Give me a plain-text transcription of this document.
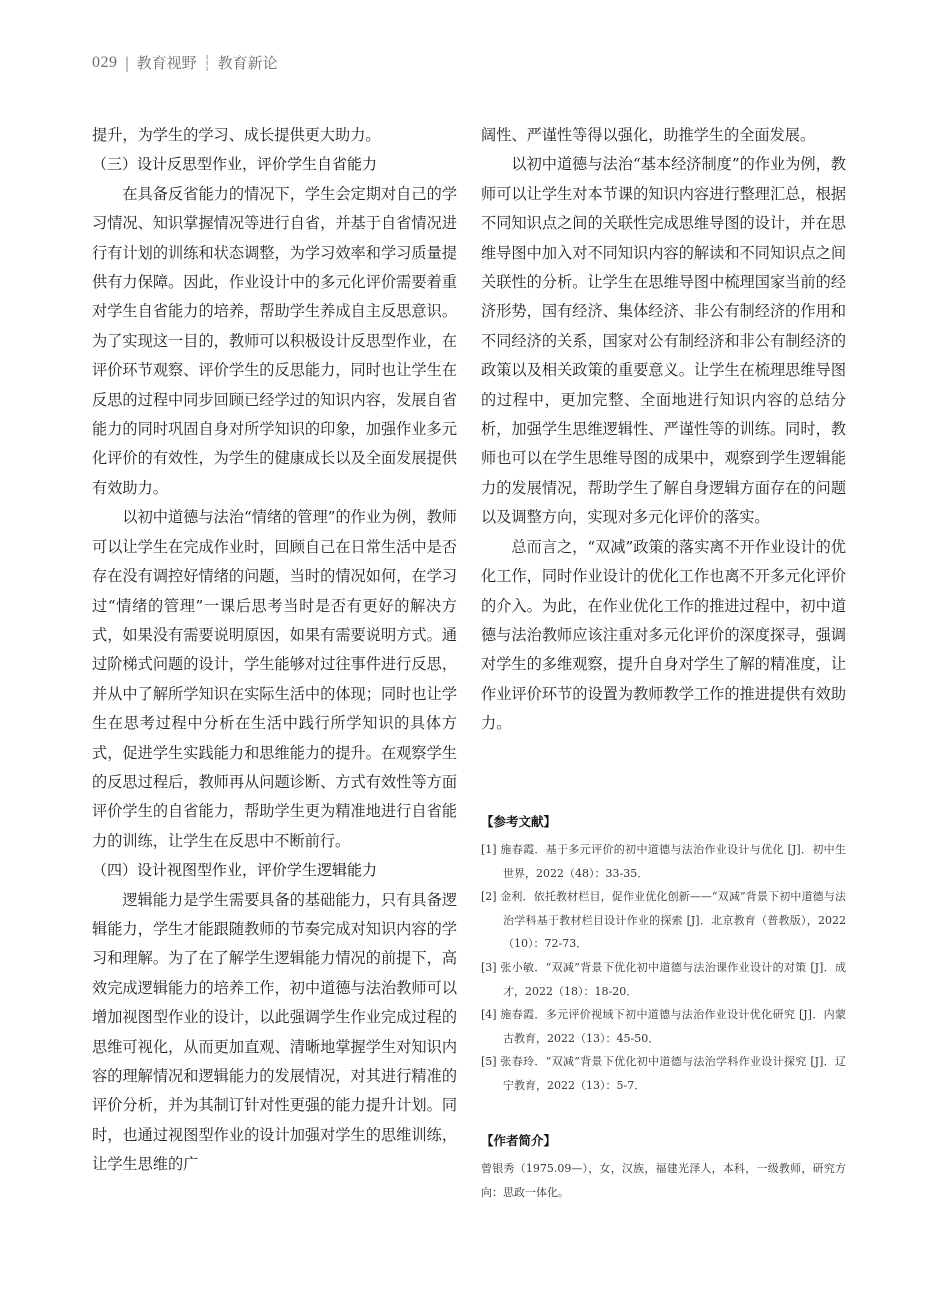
029 | 教育视野 ┆ 教育新论

提升，为学生的学习、成长提供更大助力。

（三）设计反思型作业，评价学生自省能力

在具备反省能力的情况下，学生会定期对自己的学习情况、知识掌握情况等进行自省，并基于自省情况进行有计划的训练和状态调整，为学习效率和学习质量提供有力保障。因此，作业设计中的多元化评价需要着重对学生自省能力的培养，帮助学生养成自主反思意识。为了实现这一目的，教师可以积极设计反思型作业，在评价环节观察、评价学生的反思能力，同时也让学生在反思的过程中同步回顾已经学过的知识内容，发展自省能力的同时巩固自身对所学知识的印象，加强作业多元化评价的有效性，为学生的健康成长以及全面发展提供有效助力。

以初中道德与法治“情绪的管理”的作业为例，教师可以让学生在完成作业时，回顾自己在日常生活中是否存在没有调控好情绪的问题，当时的情况如何，在学习过“情绪的管理”一课后思考当时是否有更好的解决方式，如果没有需要说明原因，如果有需要说明方式。通过阶梯式问题的设计，学生能够对过往事件进行反思，并从中了解所学知识在实际生活中的体现；同时也让学生在思考过程中分析在生活中践行所学知识的具体方式，促进学生实践能力和思维能力的提升。在观察学生的反思过程后，教师再从问题诊断、方式有效性等方面评价学生的自省能力，帮助学生更为精准地进行自省能力的训练，让学生在反思中不断前行。

（四）设计视图型作业，评价学生逻辑能力

逻辑能力是学生需要具备的基础能力，只有具备逻辑能力，学生才能跟随教师的节奏完成对知识内容的学习和理解。为了在了解学生逻辑能力情况的前提下，高效完成逻辑能力的培养工作，初中道德与法治教师可以增加视图型作业的设计，以此强调学生作业完成过程的思维可视化，从而更加直观、清晰地掌握学生对知识内容的理解情况和逻辑能力的发展情况，对其进行精准的评价分析，并为其制订针对性更强的能力提升计划。同时，也通过视图型作业的设计加强对学生的思维训练，让学生思维的广

阔性、严谨性等得以强化，助推学生的全面发展。

以初中道德与法治“基本经济制度”的作业为例，教师可以让学生对本节课的知识内容进行整理汇总，根据不同知识点之间的关联性完成思维导图的设计，并在思维导图中加入对不同知识内容的解读和不同知识点之间关联性的分析。让学生在思维导图中梳理国家当前的经济形势，国有经济、集体经济、非公有制经济的作用和不同经济的关系，国家对公有制经济和非公有制经济的政策以及相关政策的重要意义。让学生在梳理思维导图的过程中，更加完整、全面地进行知识内容的总结分析，加强学生思维逻辑性、严谨性等的训练。同时，教师也可以在学生思维导图的成果中，观察到学生逻辑能力的发展情况，帮助学生了解自身逻辑方面存在的问题以及调整方向，实现对多元化评价的落实。

总而言之，“双减”政策的落实离不开作业设计的优化工作，同时作业设计的优化工作也离不开多元化评价的介入。为此，在作业优化工作的推进过程中，初中道德与法治教师应该注重对多元化评价的深度探寻，强调对学生的多维观察，提升自身对学生了解的精准度，让作业评价环节的设置为教师教学工作的推进提供有效助力。

【参考文献】

[1] 施春霞．基于多元评价的初中道德与法治作业设计与优化 [J]．初中生世界，2022（48）：33-35．

[2] 金利．依托教材栏目，促作业优化创新——“双减”背景下初中道德与法治学科基于教材栏目设计作业的探索 [J]．北京教育（普教版），2022（10）：72-73．

[3] 张小敏．“双减”背景下优化初中道德与法治课作业设计的对策 [J]．成才，2022（18）：18-20．

[4] 施春霞．多元评价视域下初中道德与法治作业设计优化研究 [J]．内蒙古教育，2022（13）：45-50．

[5] 张春玲．“双减”背景下优化初中道德与法治学科作业设计探究 [J]．辽宁教育，2022（13）：5-7．

【作者简介】

曾银秀（1975.09—），女，汉族，福建光泽人，本科，一级教师，研究方向：思政一体化。
